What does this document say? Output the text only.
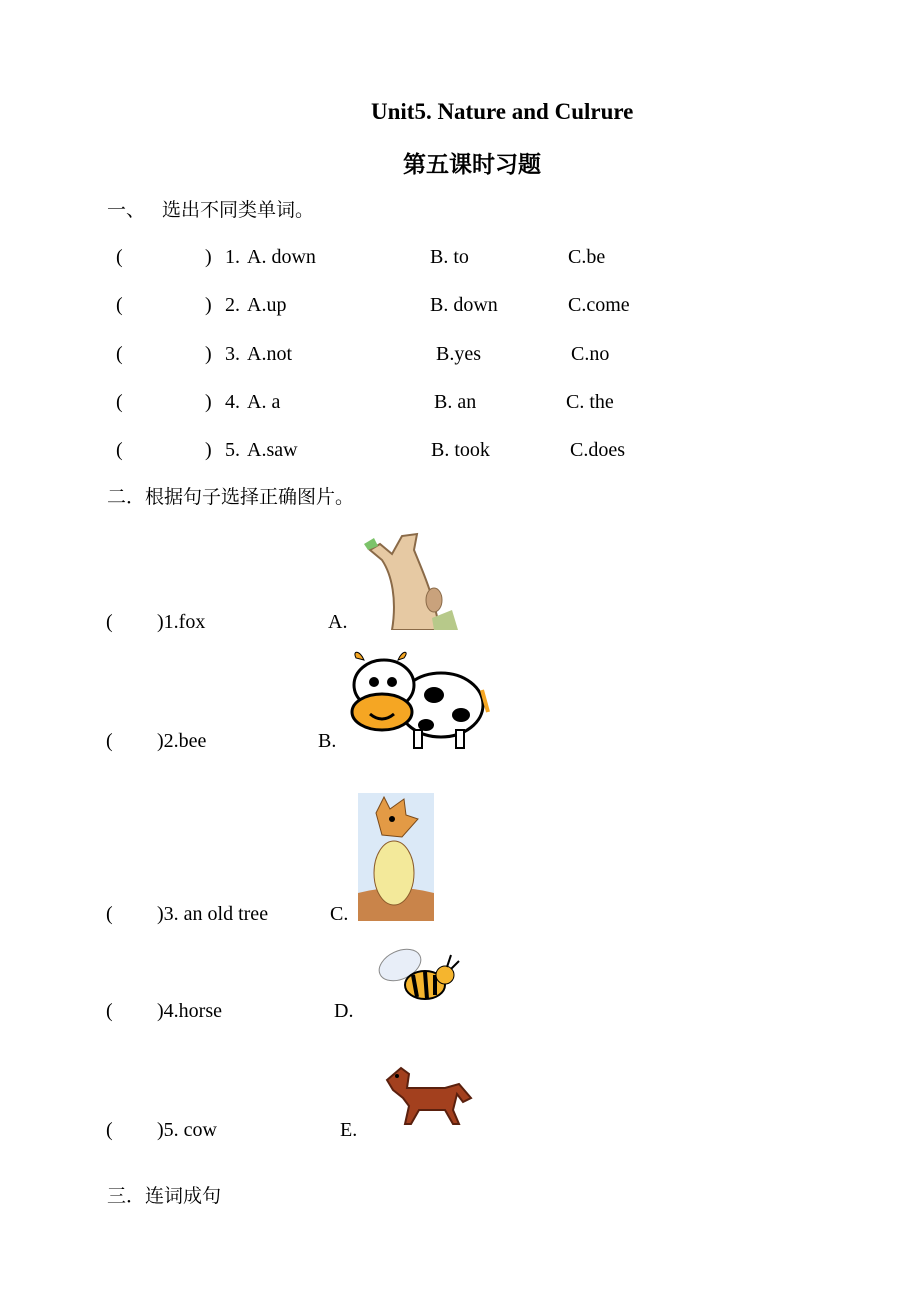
Unit5. Nature and Culrure
第五课时习题
一、 选出不同类单词。
(	) 1. A. down	B. to	C.be
(	) 2. A.up	B. down	C.come
(	) 3. A.not	B.yes	C.no
(	) 4. A. a	B. an	C. the
(	) 5. A.saw	B. took	C.does
二．根据句子选择正确图片。
( )1.fox	A.
( )2.bee	B.
( )3. an old tree	C.
( )4.horse	D.
( )5. cow	E.
三．连词成句
